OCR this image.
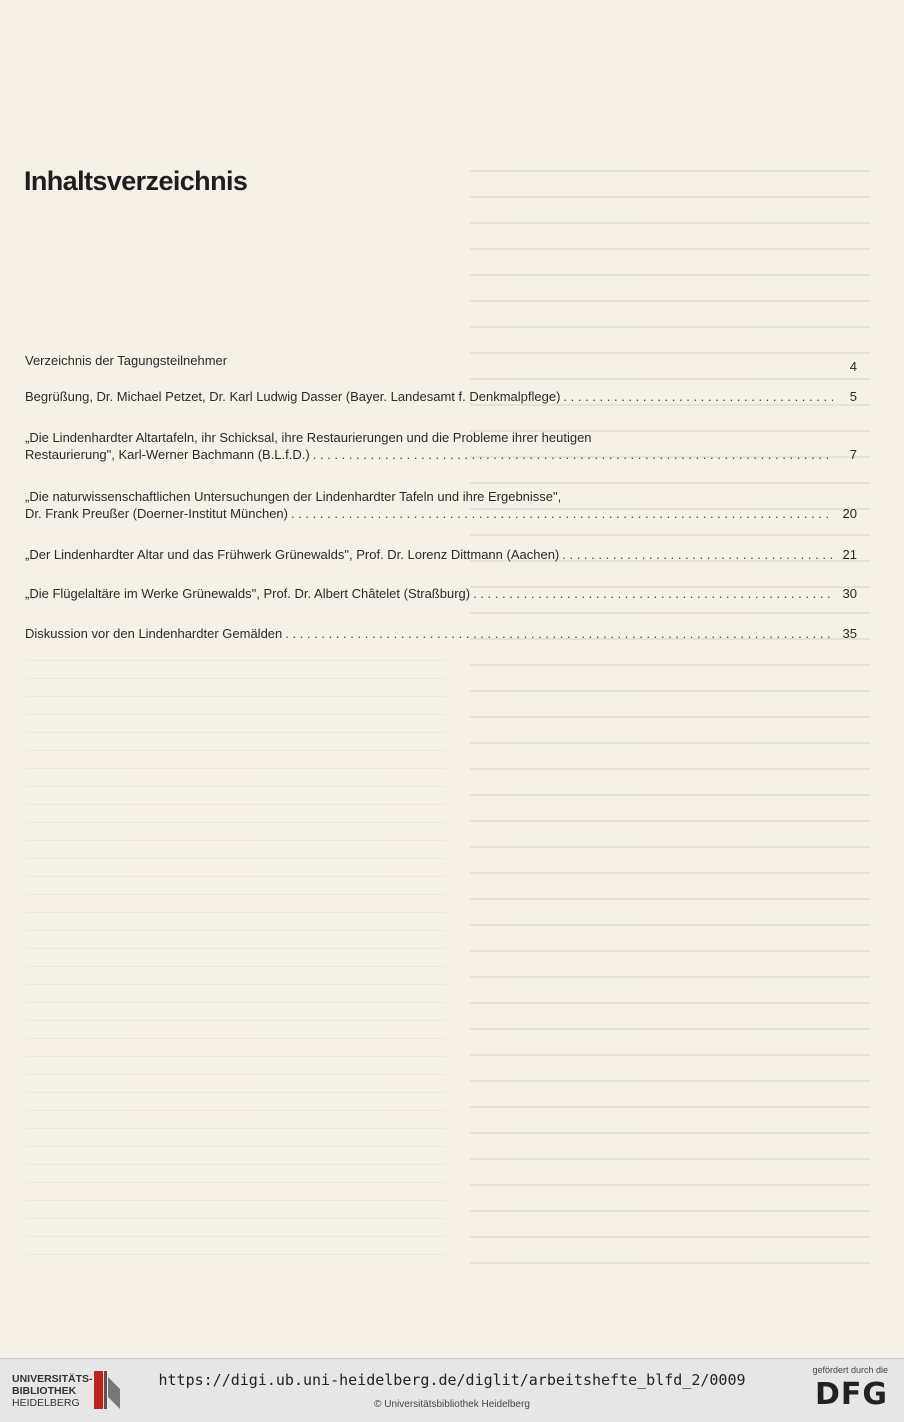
Inhaltsverzeichnis
Verzeichnis der Tagungsteilnehmer	4
Begrüßung, Dr. Michael Petzet, Dr. Karl Ludwig Dasser (Bayer. Landesamt f. Denkmalpflege) . . .	5
„Die Lindenhardter Altartafeln, ihr Schicksal, ihre Restaurierungen und die Probleme ihrer heutigen
Restaurierung", Karl-Werner Bachmann (B.L.f.D.) . . .	7
„Die naturwissenschaftlichen Untersuchungen der Lindenhardter Tafeln und ihre Ergebnisse",
Dr. Frank Preußer (Doerner-Institut München) . . .	20
„Der Lindenhardter Altar und das Frühwerk Grünewalds", Prof. Dr. Lorenz Dittmann (Aachen) . . .	21
„Die Flügelaltäre im Werke Grünewalds", Prof. Dr. Albert Châtelet (Straßburg) . . .	30
Diskussion vor den Lindenhardter Gemälden . . .	35
UNIVERSITÄTS-
BIBLIOTHEK
HEIDELBERG
https://digi.ub.uni-heidelberg.de/diglit/arbeitshefte_blfd_2/0009
© Universitätsbibliothek Heidelberg
gefördert durch die
DFG
